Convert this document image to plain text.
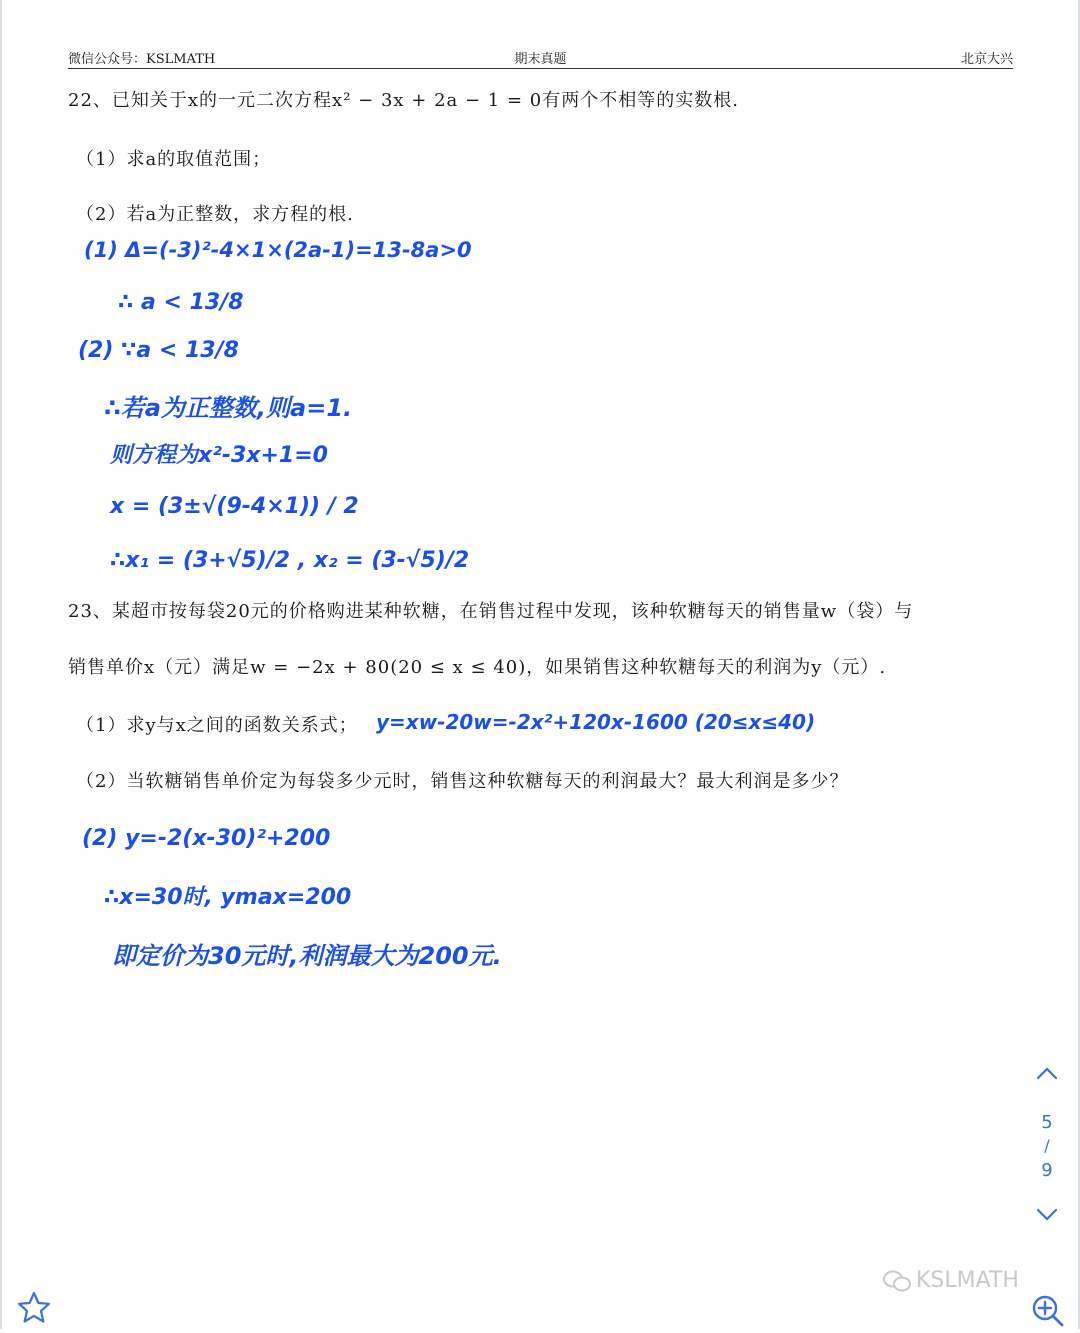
微信公众号：KSLMATH	期末真题	北京大兴
22、已知关于x的一元二次方程x² − 3x + 2a − 1 = 0有两个不相等的实数根.
（1）求a的取值范围；
（2）若a为正整数，求方程的根.
(1) Δ=(-3)²-4×1×(2a-1)=13-8a>0
∴ a < 13/8
(2) ∵a < 13/8
∴若a为正整数,则a=1.
则方程为x²-3x+1=0
x = (3±√(9-4×1)) / 2
∴x₁ = (3+√5)/2 , x₂ = (3-√5)/2
23、某超市按每袋20元的价格购进某种软糖，在销售过程中发现，该种软糖每天的销售量w（袋）与
销售单价x（元）满足w = −2x + 80(20 ≤ x ≤ 40)，如果销售这种软糖每天的利润为y（元）.
（1）求y与x之间的函数关系式； y=xw-20w=-2x²+120x-1600 (20≤x≤40)
（2）当软糖销售单价定为每袋多少元时，销售这种软糖每天的利润最大？最大利润是多少？
(2) y=-2(x-30)²+200
∴x=30时, ymax=200
即定价为30元时,利润最大为200元.
5
/
9
KSLMATH
